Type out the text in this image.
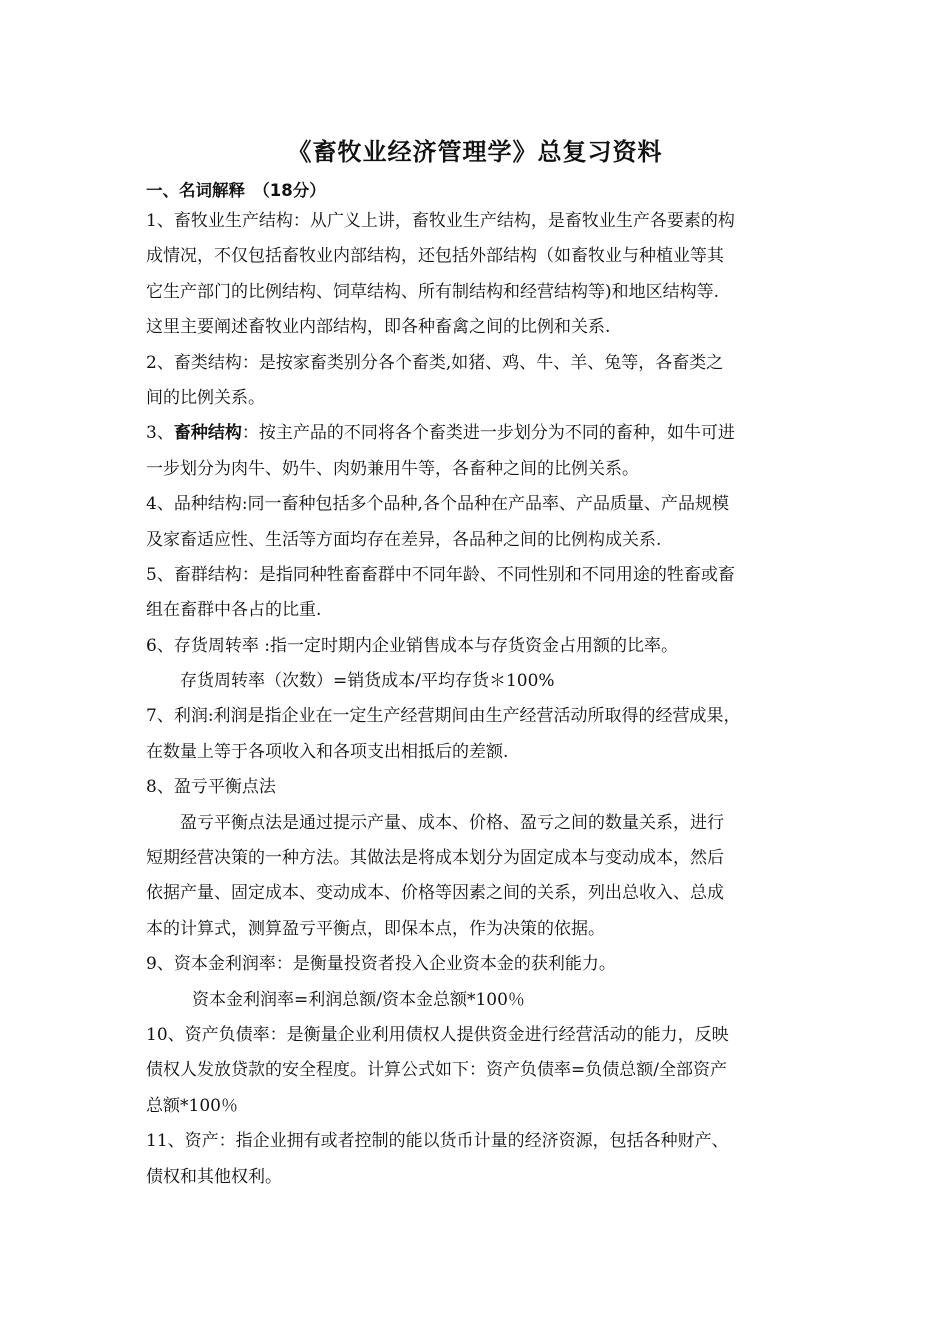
《畜牧业经济管理学》总复习资料
一、名词解释　（18分）
1、畜牧业生产结构：从广义上讲，畜牧业生产结构，是畜牧业生产各要素的构
成情况，不仅包括畜牧业内部结构，还包括外部结构（如畜牧业与种植业等其
它生产部门的比例结构、饲草结构、所有制结构和经营结构等)和地区结构等.
这里主要阐述畜牧业内部结构，即各种畜禽之间的比例和关系.
2、畜类结构：是按家畜类别分各个畜类,如猪、鸡、牛、羊、兔等，各畜类之
间的比例关系。
3、畜种结构：按主产品的不同将各个畜类进一步划分为不同的畜种，如牛可进
一步划分为肉牛、奶牛、肉奶兼用牛等，各畜种之间的比例关系。
4、品种结构:同一畜种包括多个品种,各个品种在产品率、产品质量、产品规模
及家畜适应性、生活等方面均存在差异，各品种之间的比例构成关系.
5、畜群结构：是指同种牲畜畜群中不同年龄、不同性别和不同用途的牲畜或畜
组在畜群中各占的比重.
6、存货周转率 :指一定时期内企业销售成本与存货资金占用额的比率。
存货周转率（次数）=销货成本/平均存货＊100%
7、利润:利润是指企业在一定生产经营期间由生产经营活动所取得的经营成果，
在数量上等于各项收入和各项支出相抵后的差额.
8、盈亏平衡点法
盈亏平衡点法是通过提示产量、成本、价格、盈亏之间的数量关系，进行
短期经营决策的一种方法。其做法是将成本划分为固定成本与变动成本，然后
依据产量、固定成本、变动成本、价格等因素之间的关系，列出总收入、总成
本的计算式，测算盈亏平衡点，即保本点，作为决策的依据。
9、资本金利润率：是衡量投资者投入企业资本金的获利能力。
资本金利润率=利润总额/资本金总额*100％
10、资产负债率：是衡量企业利用债权人提供资金进行经营活动的能力，反映
债权人发放贷款的安全程度。计算公式如下：资产负债率=负债总额/全部资产
总额*100％
11、资产：指企业拥有或者控制的能以货币计量的经济资源，包括各种财产、
债权和其他权利。
